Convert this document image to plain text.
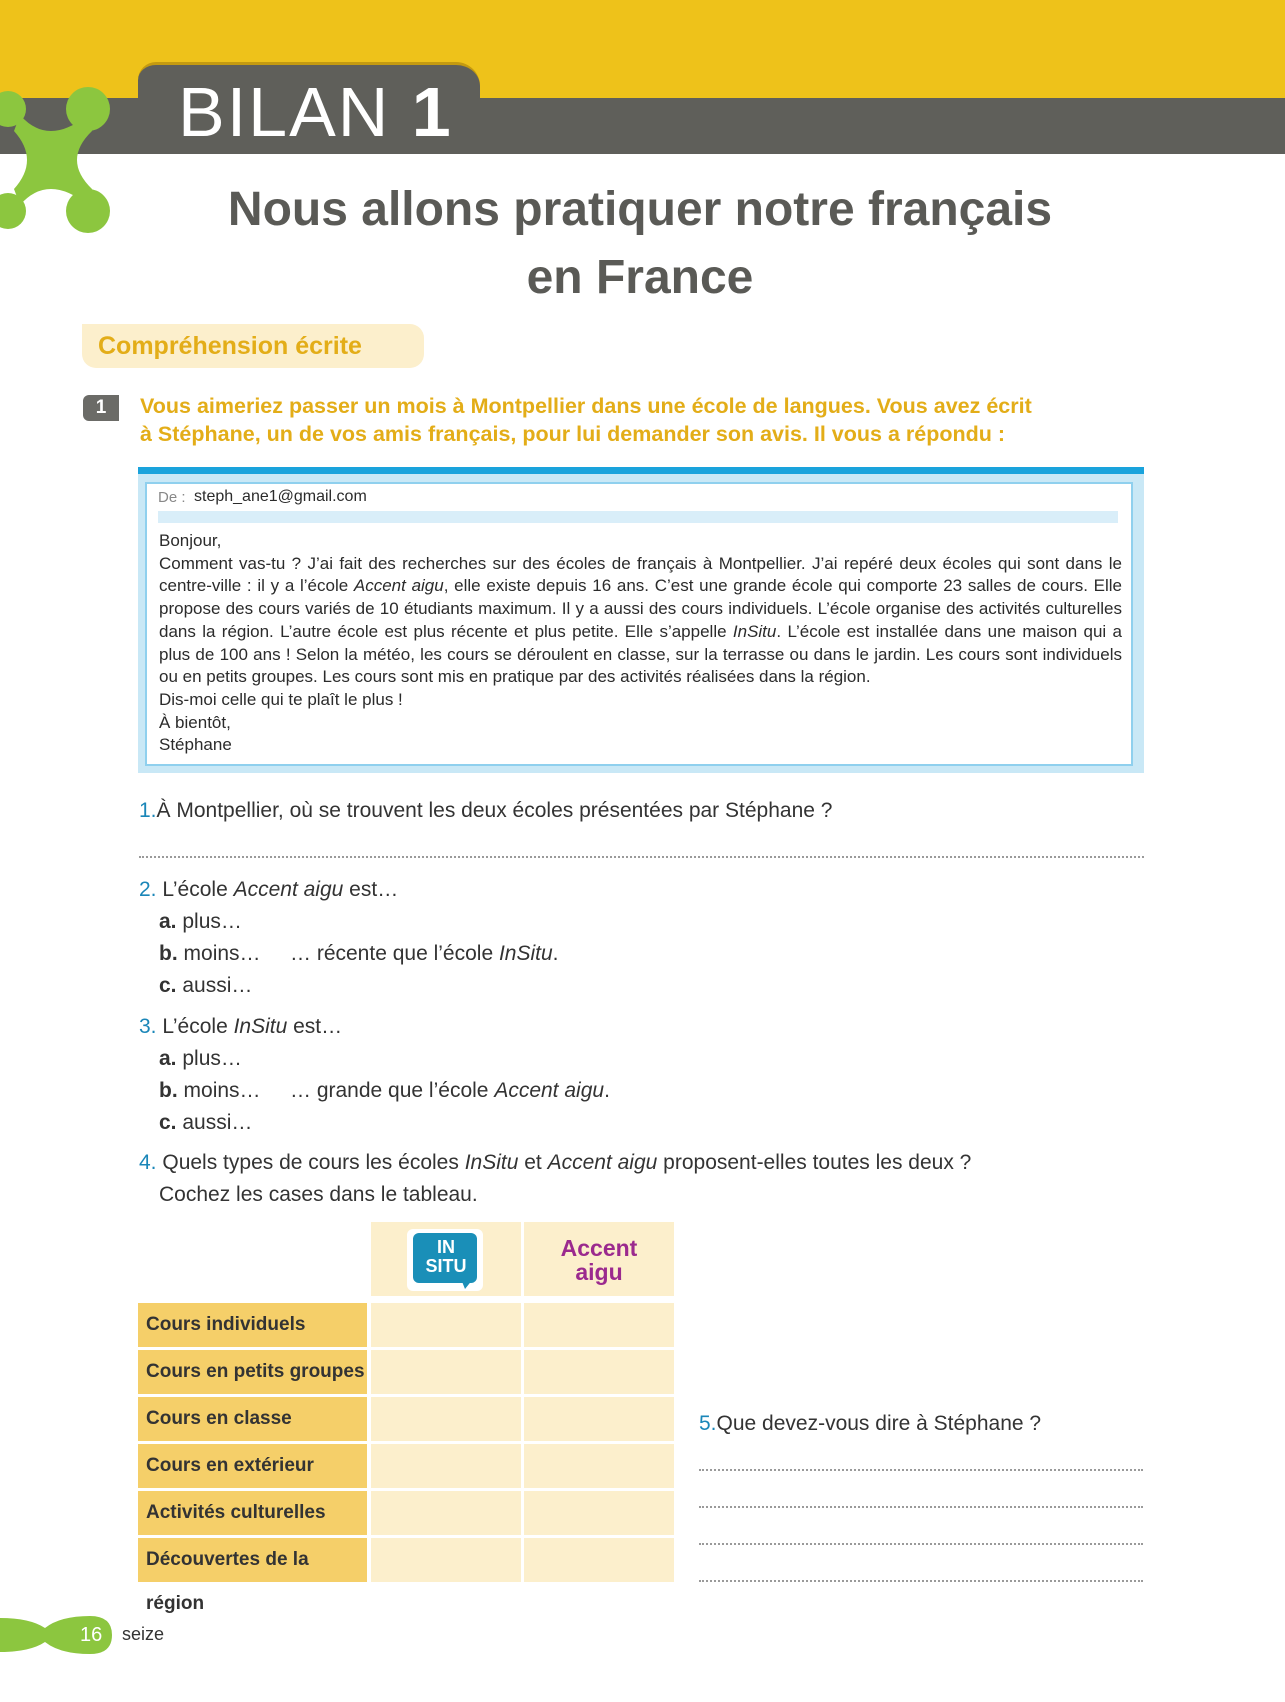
BILAN 1
Nous allons pratiquer notre français
en France
Compréhension écrite
1	Vous aimeriez passer un mois à Montpellier dans une école de langues. Vous avez écrit
à Stéphane, un de vos amis français, pour lui demander son avis. Il vous a répondu :
De : steph_ane1@gmail.com

Bonjour,

Comment vas-tu ? J’ai fait des recherches sur des écoles de français à Montpellier. J’ai repéré deux écoles qui sont dans le centre-ville : il y a l’école Accent aigu, elle existe depuis 16 ans. C’est une grande école qui comporte 23 salles de cours. Elle propose des cours variés de 10 étudiants maximum. Il y a aussi des cours individuels. L’école organise des activités culturelles dans la région. L’autre école est plus récente et plus petite. Elle s’appelle InSitu. L’école est installée dans une maison qui a plus de 100 ans ! Selon la météo, les cours se déroulent en classe, sur la terrasse ou dans le jardin. Les cours sont individuels ou en petits groupes. Les cours sont mis en pratique par des activités réalisées dans la région.

Dis-moi celle qui te plaît le plus !

À bientôt,

Stéphane

1.À Montpellier, où se trouvent les deux écoles présentées par Stéphane ?
2. L’école Accent aigu est…
a. plus…
b. moins… … récente que l’école InSitu.
c. aussi…
3. L’école InSitu est…
a. plus…
b. moins… … grande que l’école Accent aigu.
c. aussi…
4. Quels types de cours les écoles InSitu et Accent aigu proposent-elles toutes les deux ?
Cochez les cases dans le tableau.
IN
SITU
Accent
aigu
Cours individuels
Cours en petits groupes
Cours en classe
Cours en extérieur
Activités culturelles
Découvertes de la région
5.Que devez-vous dire à Stéphane ?
16 seize
